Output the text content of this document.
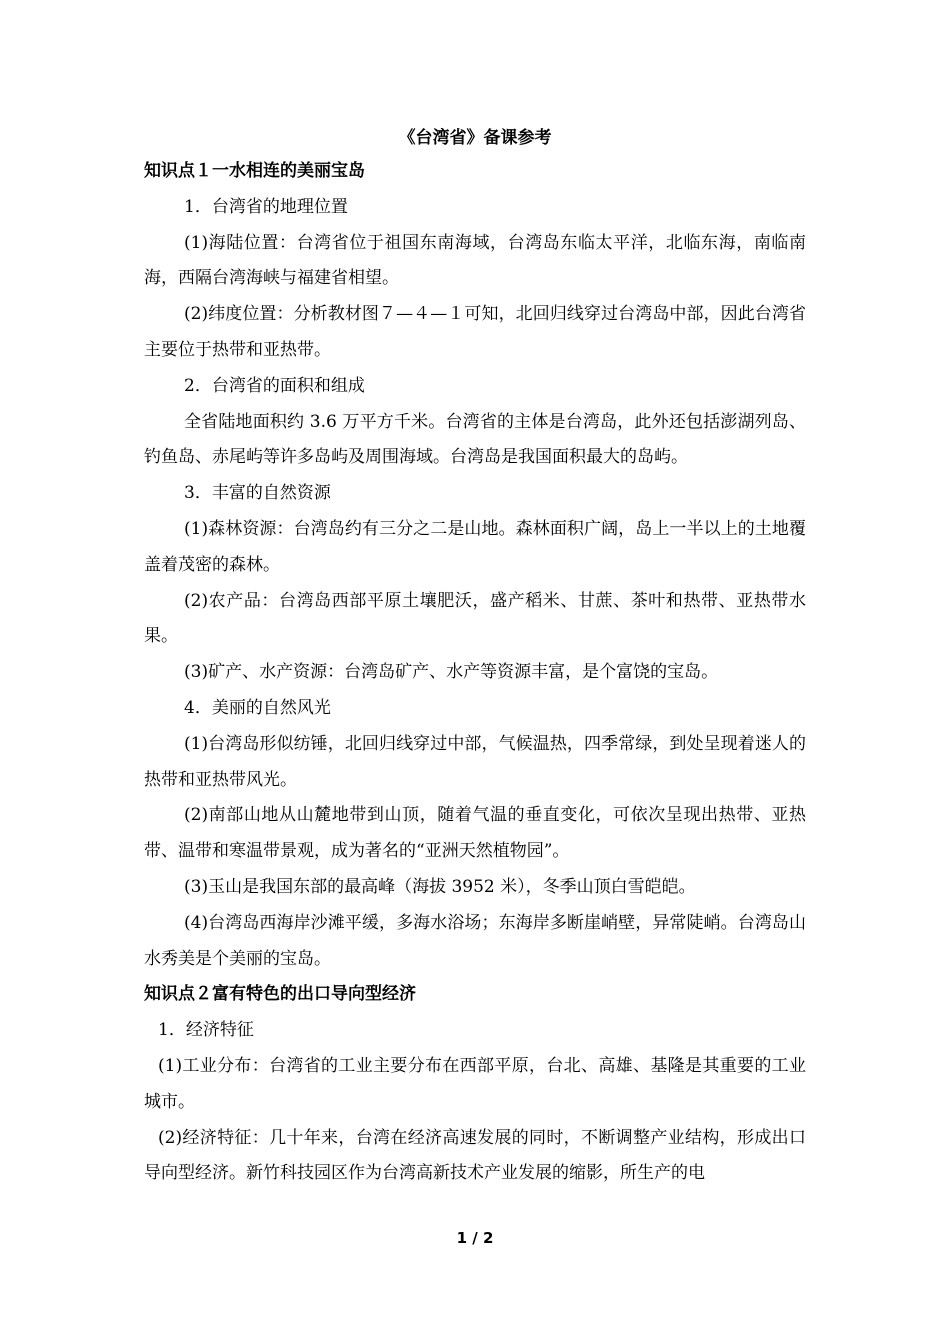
《台湾省》备课参考

知识点１一水相连的美丽宝岛

1．台湾省的地理位置

(1)海陆位置：台湾省位于祖国东南海域，台湾岛东临太平洋，北临东海，南临南海，西隔台湾海峡与福建省相望。

(2)纬度位置：分析教材图７—４—１可知，北回归线穿过台湾岛中部，因此台湾省主要位于热带和亚热带。

2．台湾省的面积和组成

全省陆地面积约 3.6 万平方千米。台湾省的主体是台湾岛，此外还包括澎湖列岛、钓鱼岛、赤尾屿等许多岛屿及周围海域。台湾岛是我国面积最大的岛屿。

3．丰富的自然资源

(1)森林资源：台湾岛约有三分之二是山地。森林面积广阔，岛上一半以上的土地覆盖着茂密的森林。

(2)农产品：台湾岛西部平原土壤肥沃，盛产稻米、甘蔗、茶叶和热带、亚热带水果。

(3)矿产、水产资源：台湾岛矿产、水产等资源丰富，是个富饶的宝岛。

4．美丽的自然风光

(1)台湾岛形似纺锤，北回归线穿过中部，气候温热，四季常绿，到处呈现着迷人的热带和亚热带风光。

(2)南部山地从山麓地带到山顶，随着气温的垂直变化，可依次呈现出热带、亚热带、温带和寒温带景观，成为著名的“亚洲天然植物园”。

(3)玉山是我国东部的最高峰（海拔 3952 米），冬季山顶白雪皑皑。

(4)台湾岛西海岸沙滩平缓，多海水浴场；东海岸多断崖峭壁，异常陡峭。台湾岛山水秀美是个美丽的宝岛。

知识点２富有特色的出口导向型经济

1．经济特征

(1)工业分布：台湾省的工业主要分布在西部平原，台北、高雄、基隆是其重要的工业城市。

(2)经济特征：几十年来，台湾在经济高速发展的同时，不断调整产业结构，形成出口导向型经济。新竹科技园区作为台湾高新技术产业发展的缩影，所生产的电

1 / 2
